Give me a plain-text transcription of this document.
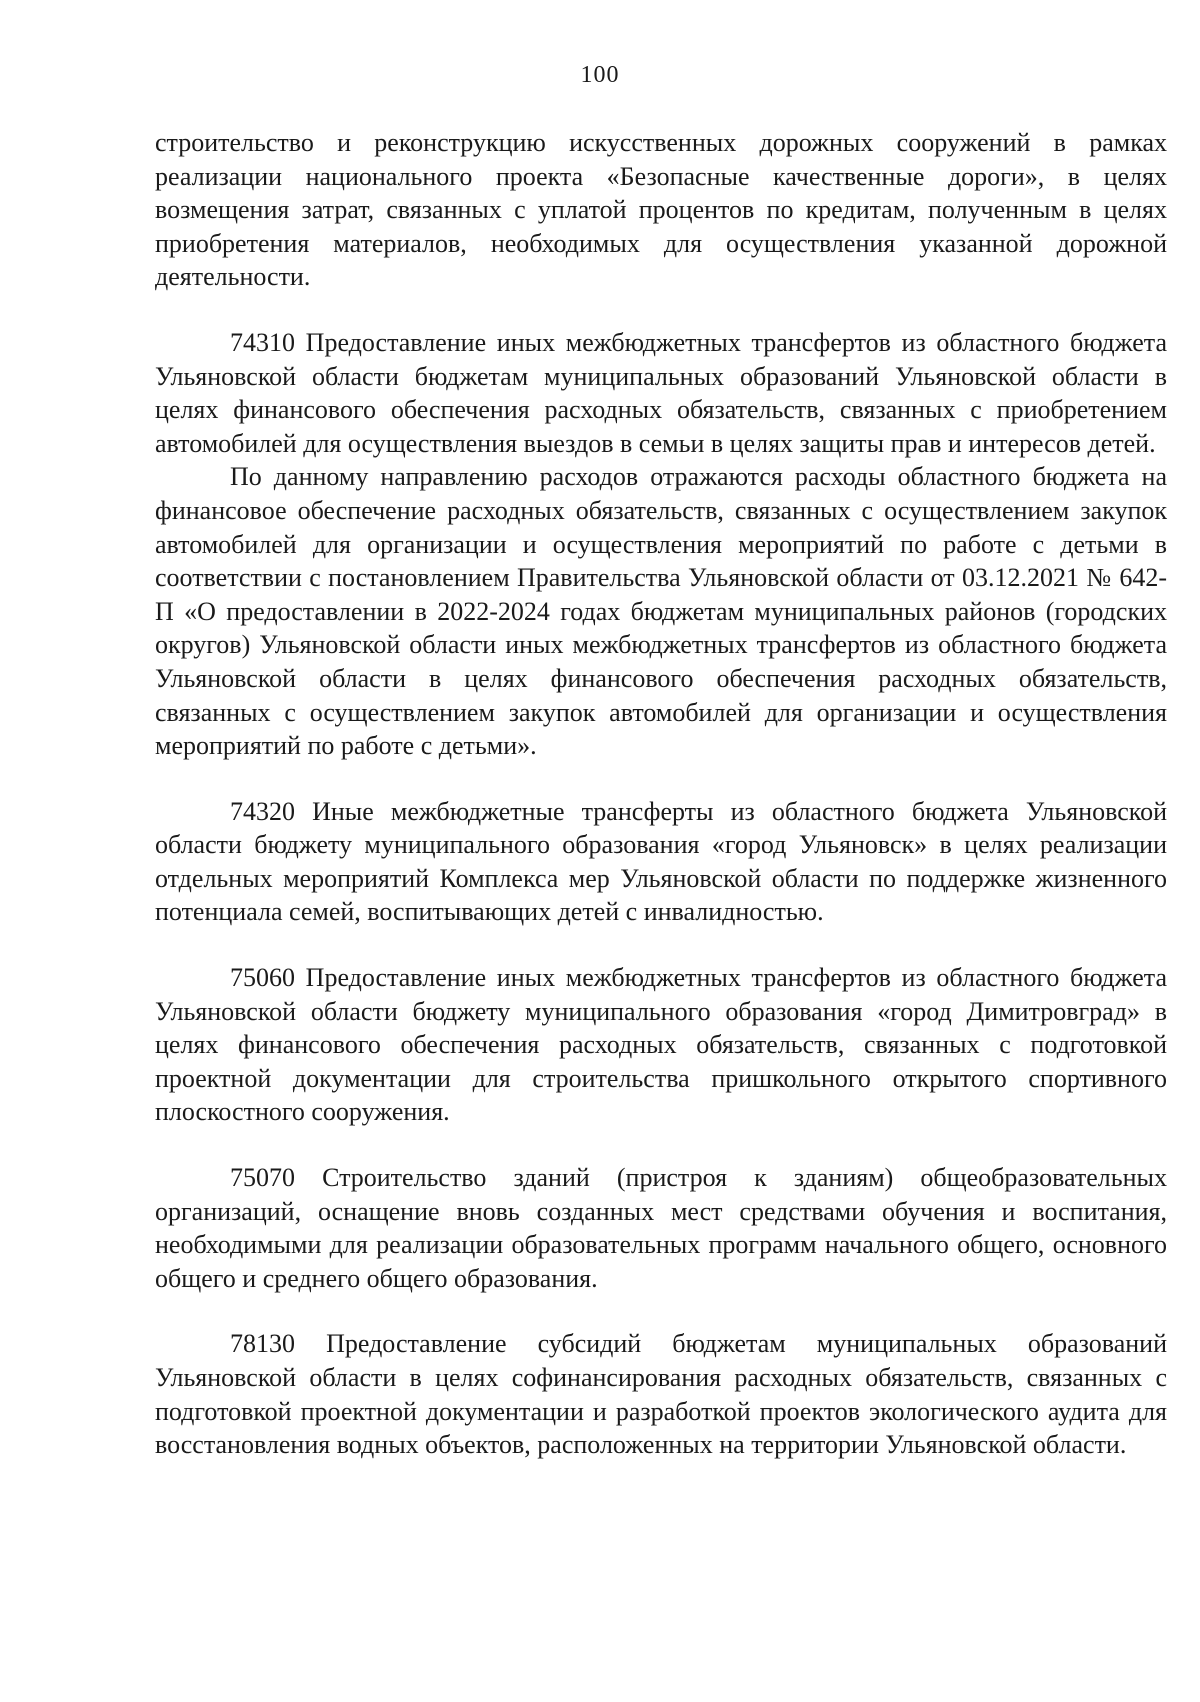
100

строительство и реконструкцию искусственных дорожных сооружений в рамках реализации национального проекта «Безопасные качественные дороги», в целях возмещения затрат, связанных с уплатой процентов по кредитам, полученным в целях приобретения материалов, необходимых для осуществления указанной дорожной деятельности.

74310 Предоставление иных межбюджетных трансфертов из областного бюджета Ульяновской области бюджетам муниципальных образований Ульяновской области в целях финансового обеспечения расходных обязательств, связанных с приобретением автомобилей для осуществления выездов в семьи в целях защиты прав и интересов детей.

По данному направлению расходов отражаются расходы областного бюджета на финансовое обеспечение расходных обязательств, связанных с осуществлением закупок автомобилей для организации и осуществления мероприятий по работе с детьми в соответствии с постановлением Правительства Ульяновской области от 03.12.2021 № 642-П «О предоставлении в 2022-2024 годах бюджетам муниципальных районов (городских округов) Ульяновской области иных межбюджетных трансфертов из областного бюджета Ульяновской области в целях финансового обеспечения расходных обязательств, связанных с осуществлением закупок автомобилей для организации и осуществления мероприятий по работе с детьми».

74320 Иные межбюджетные трансферты из областного бюджета Ульяновской области бюджету муниципального образования «город Ульяновск» в целях реализации отдельных мероприятий Комплекса мер Ульяновской области по поддержке жизненного потенциала семей, воспитывающих детей с инвалидностью.

75060 Предоставление иных межбюджетных трансфертов из областного бюджета Ульяновской области бюджету муниципального образования «город Димитровград» в целях финансового обеспечения расходных обязательств, связанных с подготовкой проектной документации для строительства пришкольного открытого спортивного плоскостного сооружения.

75070 Строительство зданий (пристроя к зданиям) общеобразовательных организаций, оснащение вновь созданных мест средствами обучения и воспитания, необходимыми для реализации образовательных программ начального общего, основного общего и среднего общего образования.

78130 Предоставление субсидий бюджетам муниципальных образований Ульяновской области в целях софинансирования расходных обязательств, связанных с подготовкой проектной документации и разработкой проектов экологического аудита для восстановления водных объектов, расположенных на территории Ульяновской области.
